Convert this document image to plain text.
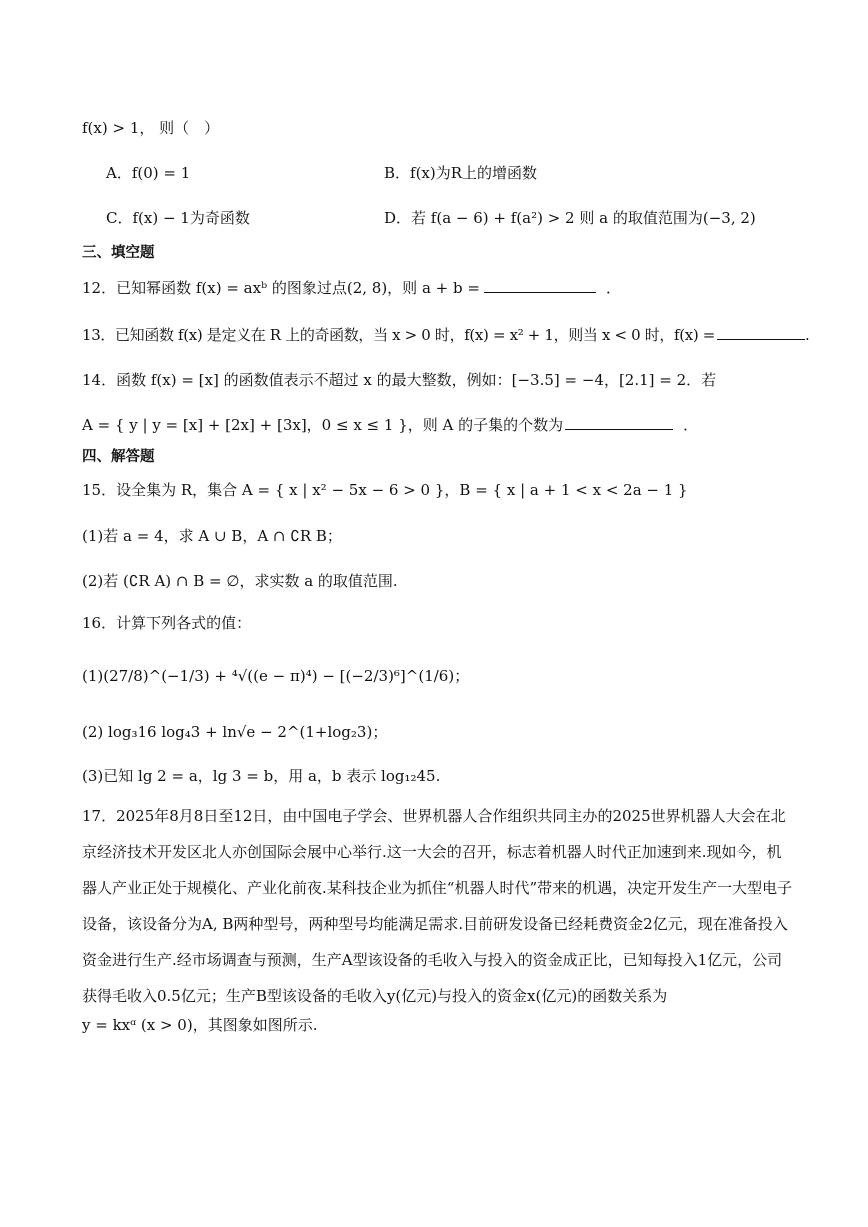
f(x) > 1， 则（　）
A．f(0) = 1	B．f(x)为R上的增函数
C．f(x) − 1为奇函数	D．若 f(a − 6) + f(a²) > 2 则 a 的取值范围为(−3, 2)
三、填空题
12．已知幂函数 f(x) = axᵇ 的图象过点(2, 8)，则 a + b =	．
13．已知函数 f(x) 是定义在 R 上的奇函数，当 x > 0 时，f(x) = x² + 1，则当 x < 0 时，f(x) =	.
14．函数 f(x) = [x] 的函数值表示不超过 x 的最大整数，例如：[−3.5] = −4，[2.1] = 2．若
A = { y | y = [x] + [2x] + [3x]，0 ≤ x ≤ 1 }，则 A 的子集的个数为	．
四、解答题
15．设全集为 R，集合 A = { x | x² − 5x − 6 > 0 }，B = { x | a + 1 < x < 2a − 1 }
(1)若 a = 4，求 A ∪ B，A ∩ ∁R B；
(2)若 (∁R A) ∩ B = ∅，求实数 a 的取值范围.
16．计算下列各式的值：
(1)(27/8)^(−1/3) + ⁴√((e − π)⁴) − [(−2/3)⁶]^(1/6)；
(2) log₃16 log₄3 + ln√e − 2^(1+log₂3)；
(3)已知 lg 2 = a，lg 3 = b，用 a，b 表示 log₁₂45.
17．2025年8月8日至12日，由中国电子学会、世界机器人合作组织共同主办的2025世界机器人大会在北京经济技术开发区北人亦创国际会展中心举行.这一大会的召开，标志着机器人时代正加速到来.现如今，机器人产业正处于规模化、产业化前夜.某科技企业为抓住“机器人时代”带来的机遇，决定开发生产一大型电子设备，该设备分为A, B两种型号，两种型号均能满足需求.目前研发设备已经耗费资金2亿元，现在准备投入资金进行生产.经市场调查与预测，生产A型该设备的毛收入与投入的资金成正比，已知每投入1亿元，公司获得毛收入0.5亿元；生产B型该设备的毛收入y(亿元)与投入的资金x(亿元)的函数关系为
y = kxᵅ (x > 0)，其图象如图所示.
